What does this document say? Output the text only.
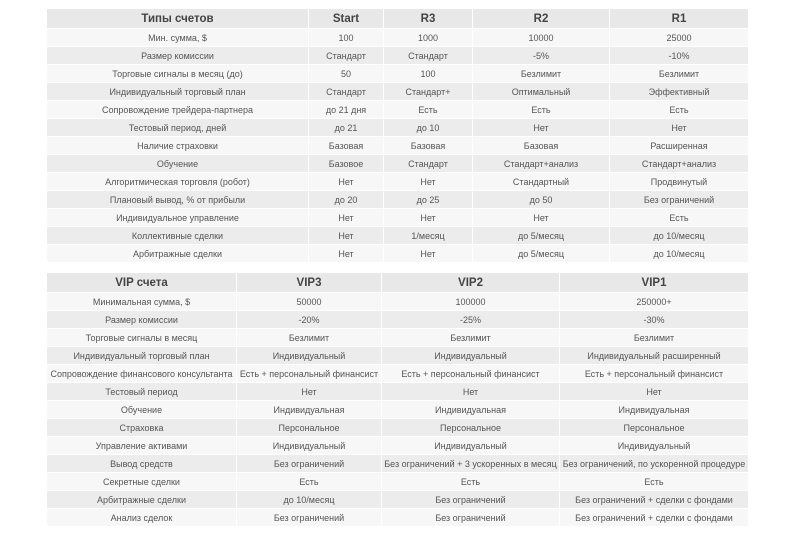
Типы счетов	Start	R3	R2	R1
Мин. сумма, $	100	1000	10000	25000
Размер комиссии	Стандарт	Стандарт	-5%	-10%
Торговые сигналы в месяц (до)	50	100	Безлимит	Безлимит
Индивидуальный торговый план	Стандарт	Стандарт+	Оптимальный	Эффективный
Сопровождение трейдера-партнера	до 21 дня	Есть	Есть	Есть
Тестовый период, дней	до 21	до 10	Нет	Нет
Наличие страховки	Базовая	Базовая	Базовая	Расширенная
Обучение	Базовое	Стандарт	Стандарт+анализ	Стандарт+анализ
Алгоритмическая торговля (робот)	Нет	Нет	Стандартный	Продвинутый
Плановый вывод, % от прибыли	до 20	до 25	до 50	Без ограничений
Индивидуальное управление	Нет	Нет	Нет	Есть
Коллективные сделки	Нет	1/месяц	до 5/месяц	до 10/месяц
Арбитражные сделки	Нет	Нет	до 5/месяц	до 10/месяц
VIP счета	VIP3	VIP2	VIP1
Минимальная сумма, $	50000	100000	250000+
Размер комиссии	-20%	-25%	-30%
Торговые сигналы в месяц	Безлимит	Безлимит	Безлимит
Индивидуальный торговый план	Индивидуальный	Индивидуальный	Индивидуальный расширенный
Сопровождение финансового консультанта	Есть + персональный финансист	Есть + персональный финансист	Есть + персональный финансист
Тестовый период	Нет	Нет	Нет
Обучение	Индивидуальная	Индивидуальная	Индивидуальная
Страховка	Персональное	Персональное	Персональное
Управление активами	Индивидуальный	Индивидуальный	Индивидуальный
Вывод средств	Без ограничений	Без ограничений + 3 ускоренных в месяц	Без ограничений, по ускоренной процедуре
Секретные сделки	Есть	Есть	Есть
Арбитражные сделки	до 10/месяц	Без ограничений	Без ограничений + сделки с фондами
Анализ сделок	Без ограничений	Без ограничений	Без ограничений + сделки с фондами
